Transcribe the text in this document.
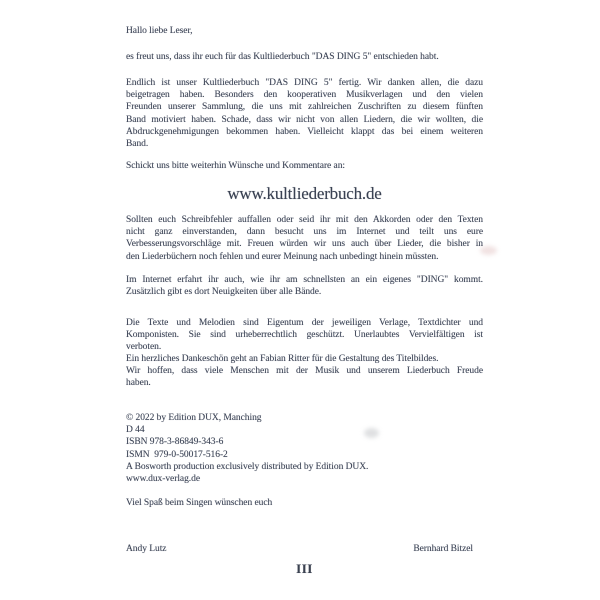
Hallo liebe Leser,
es freut uns, dass ihr euch für das Kultliederbuch "DAS DING 5" entschieden habt.
Endlich ist unser Kultliederbuch "DAS DING 5" fertig. Wir danken allen, die dazu
beigetragen haben. Besonders den kooperativen Musikverlagen und den vielen
Freunden unserer Sammlung, die uns mit zahlreichen Zuschriften zu diesem fünften
Band motiviert haben. Schade, dass wir nicht von allen Liedern, die wir wollten, die
Abdruckgenehmigungen bekommen haben. Vielleicht klappt das bei einem weiteren
Band.
Schickt uns bitte weiterhin Wünsche und Kommentare an:
www.kultliederbuch.de
Sollten euch Schreibfehler auffallen oder seid ihr mit den Akkorden oder den Texten
nicht ganz einverstanden, dann besucht uns im Internet und teilt uns eure
Verbesserungsvorschläge mit. Freuen würden wir uns auch über Lieder, die bisher in
den Liederbüchern noch fehlen und eurer Meinung nach unbedingt hinein müssten.
Im Internet erfahrt ihr auch, wie ihr am schnellsten an ein eigenes "DING" kommt.
Zusätzlich gibt es dort Neuigkeiten über alle Bände.
Die Texte und Melodien sind Eigentum der jeweiligen Verlage, Textdichter und
Komponisten. Sie sind urheberrechtlich geschützt. Unerlaubtes Vervielfältigen ist
verboten.
Ein herzliches Dankeschön geht an Fabian Ritter für die Gestaltung des Titelbildes.
Wir hoffen, dass viele Menschen mit der Musik und unserem Liederbuch Freude
haben.
© 2022 by Edition DUX, Manching
D 44
ISBN 978-3-86849-343-6
ISMN  979-0-50017-516-2
A Bosworth production exclusively distributed by Edition DUX.
www.dux-verlag.de
Viel Spaß beim Singen wünschen euch
Andy Lutz	Bernhard Bitzel
III
